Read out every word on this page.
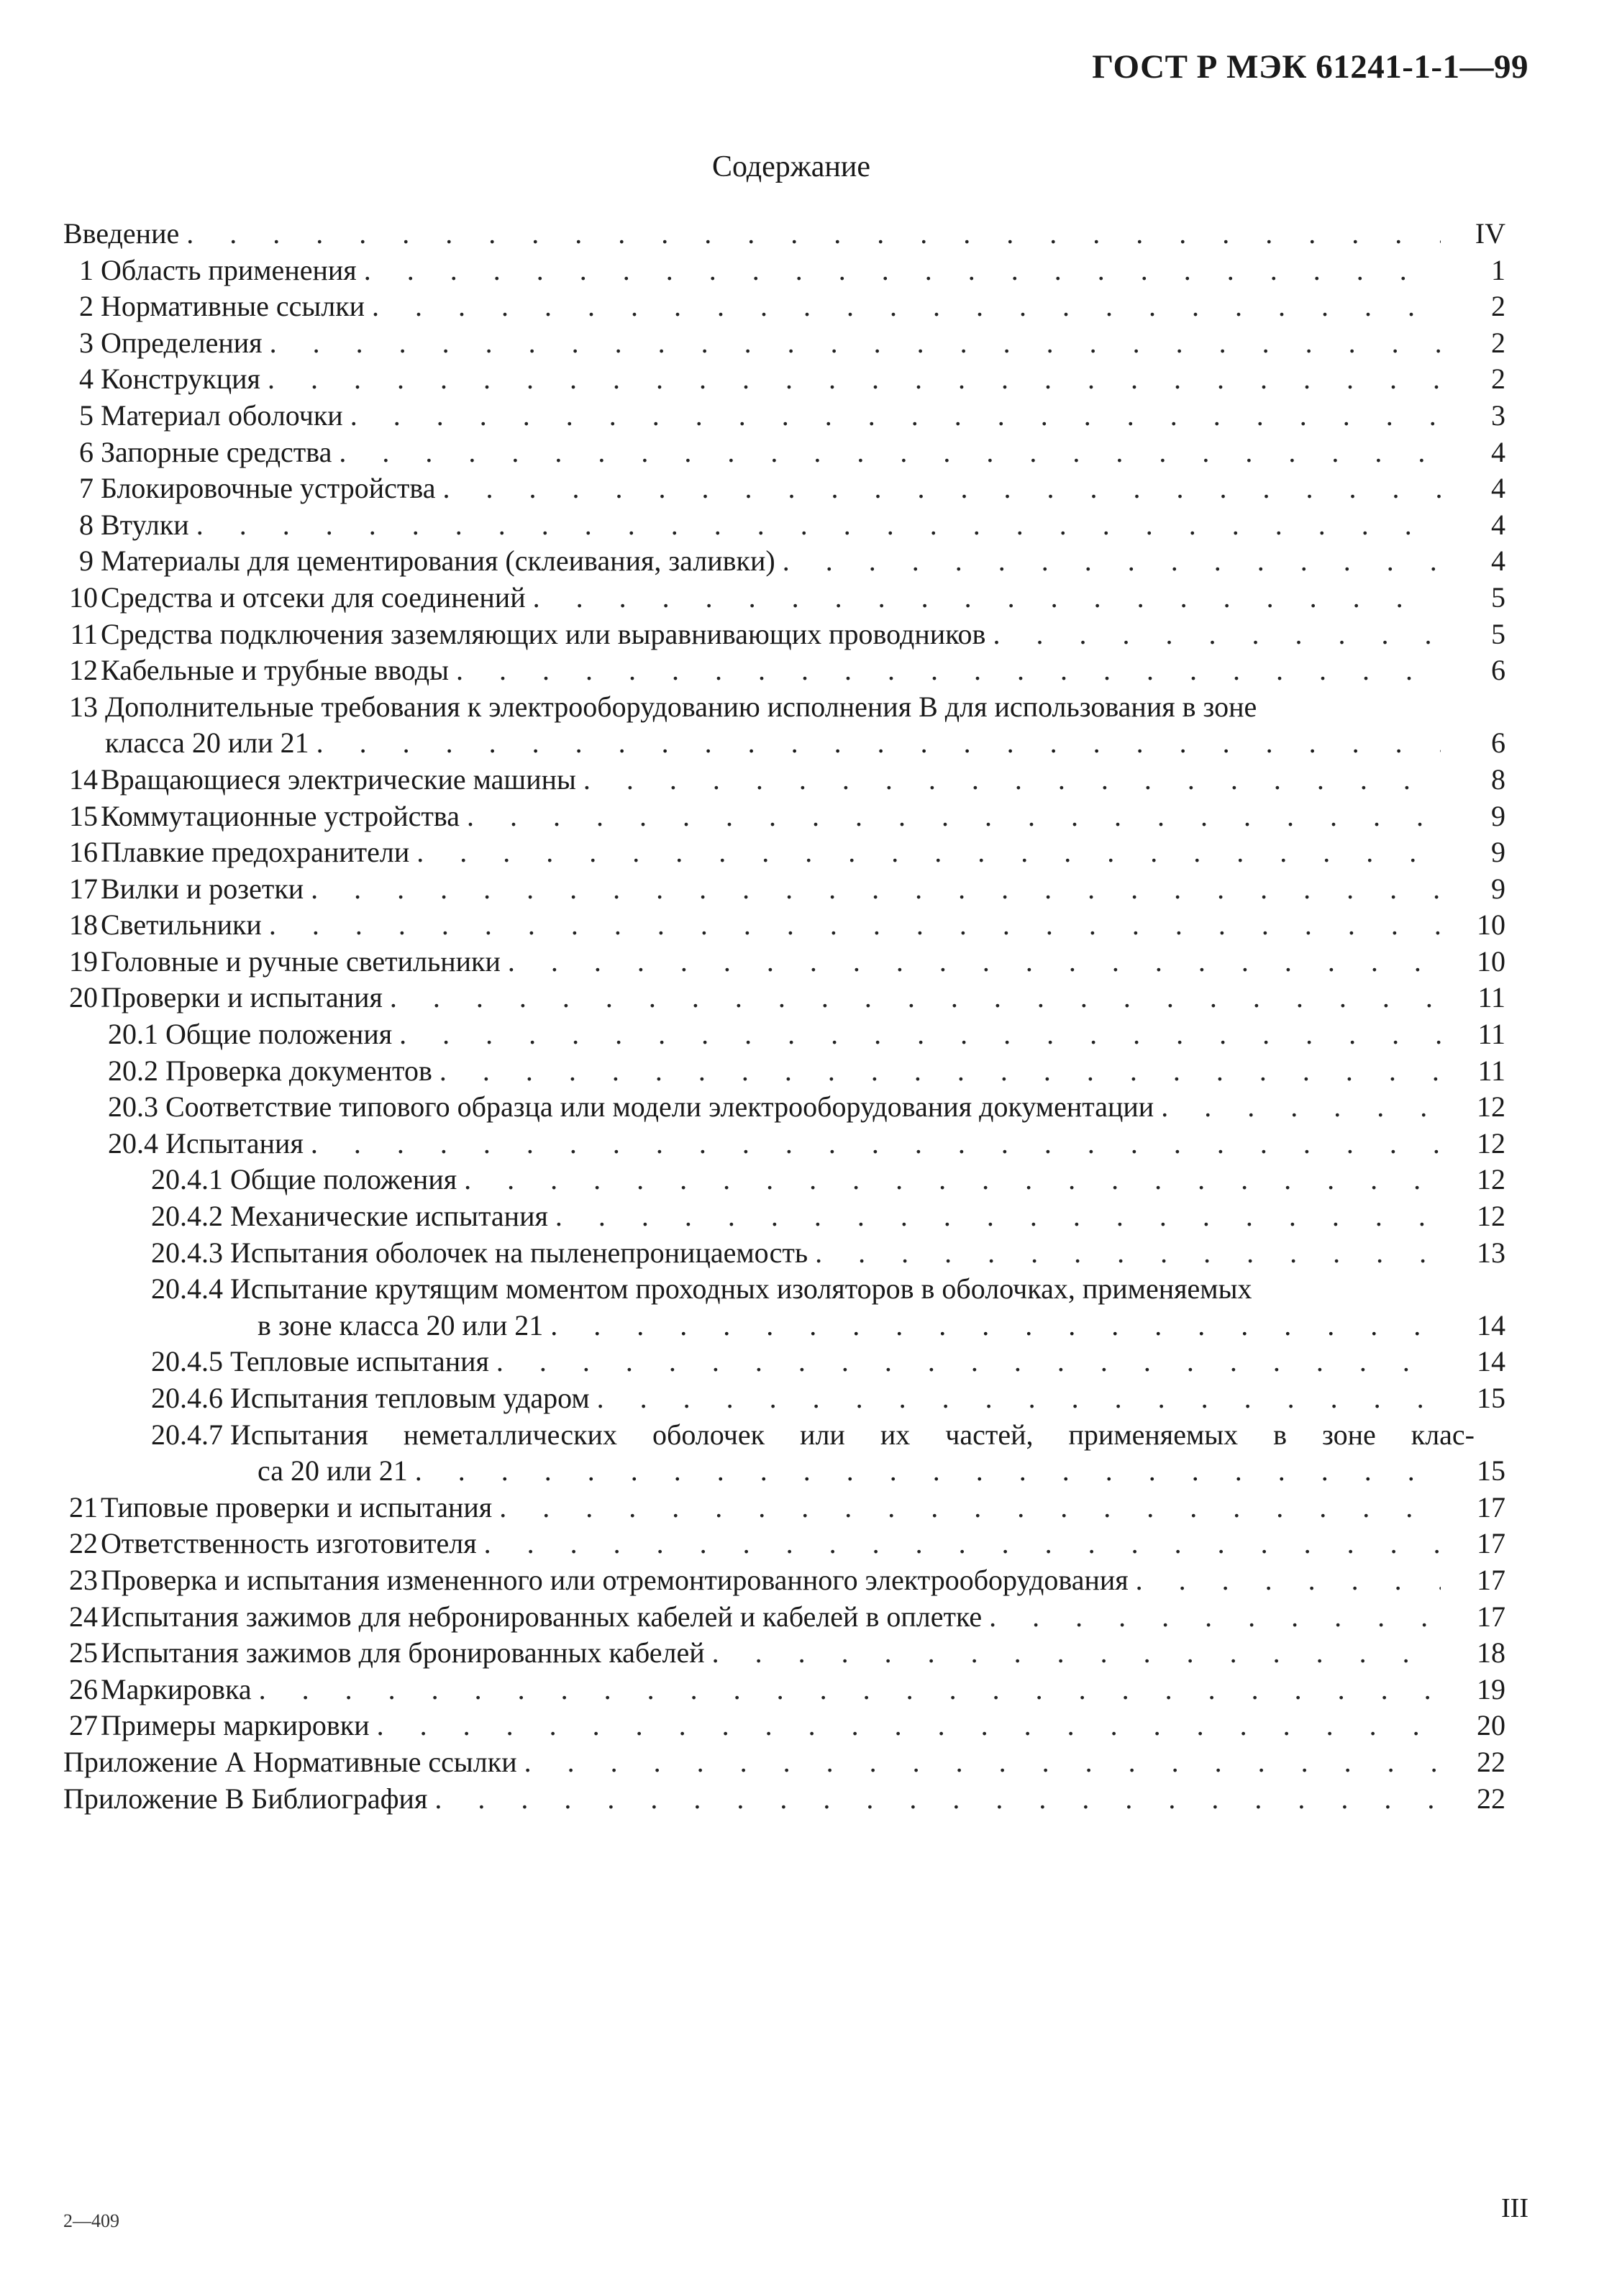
ГОСТ Р МЭК 61241-1-1—99
Содержание
Введение . . .	IV
1 Область применения . . .	1
2 Нормативные ссылки . . .	2
3 Определения . . .	2
4 Конструкция . . .	2
5 Материал оболочки . . .	3
6 Запорные средства . . .	4
7 Блокировочные устройства . . .	4
8 Втулки . . .	4
9 Материалы для цементирования (склеивания, заливки) . . .	4
10 Средства и отсеки для соединений . . .	5
11 Средства подключения заземляющих или выравнивающих проводников . . .	5
12 Кабельные и трубные вводы . . .	6
13 Дополнительные требования к электрооборудованию исполнения В для использования в зоне
класса 20 или 21 . . .	6
14 Вращающиеся электрические машины . . .	8
15 Коммутационные устройства . . .	9
16 Плавкие предохранители . . .	9
17 Вилки и розетки . . .	9
18 Светильники . . .	10
19 Головные и ручные светильники . . .	10
20 Проверки и испытания . . .	11
20.1 Общие положения . . .	11
20.2 Проверка документов . . .	11
20.3 Соответствие типового образца или модели электрооборудования документации . . .	12
20.4 Испытания . . .	12
20.4.1 Общие положения . . .	12
20.4.2 Механические испытания . . .	12
20.4.3 Испытания оболочек на пыленепроницаемость . . .	13
20.4.4 Испытание крутящим моментом проходных изоляторов в оболочках, применяемых
в зоне класса 20 или 21 . . .	14
20.4.5 Тепловые испытания . . .	14
20.4.6 Испытания тепловым ударом . . .	15
20.4.7 Испытания неметаллических оболочек или их частей, применяемых в зоне клас-
са 20 или 21 . . .	15
21 Типовые проверки и испытания . . .	17
22 Ответственность изготовителя . . .	17
23 Проверка и испытания измененного или отремонтированного электрооборудования . . .	17
24 Испытания зажимов для небронированных кабелей и кабелей в оплетке . . .	17
25 Испытания зажимов для бронированных кабелей . . .	18
26 Маркировка . . .	19
27 Примеры маркировки . . .	20
Приложение А Нормативные ссылки . . .	22
Приложение В Библиография . . .	22
2—409	III
